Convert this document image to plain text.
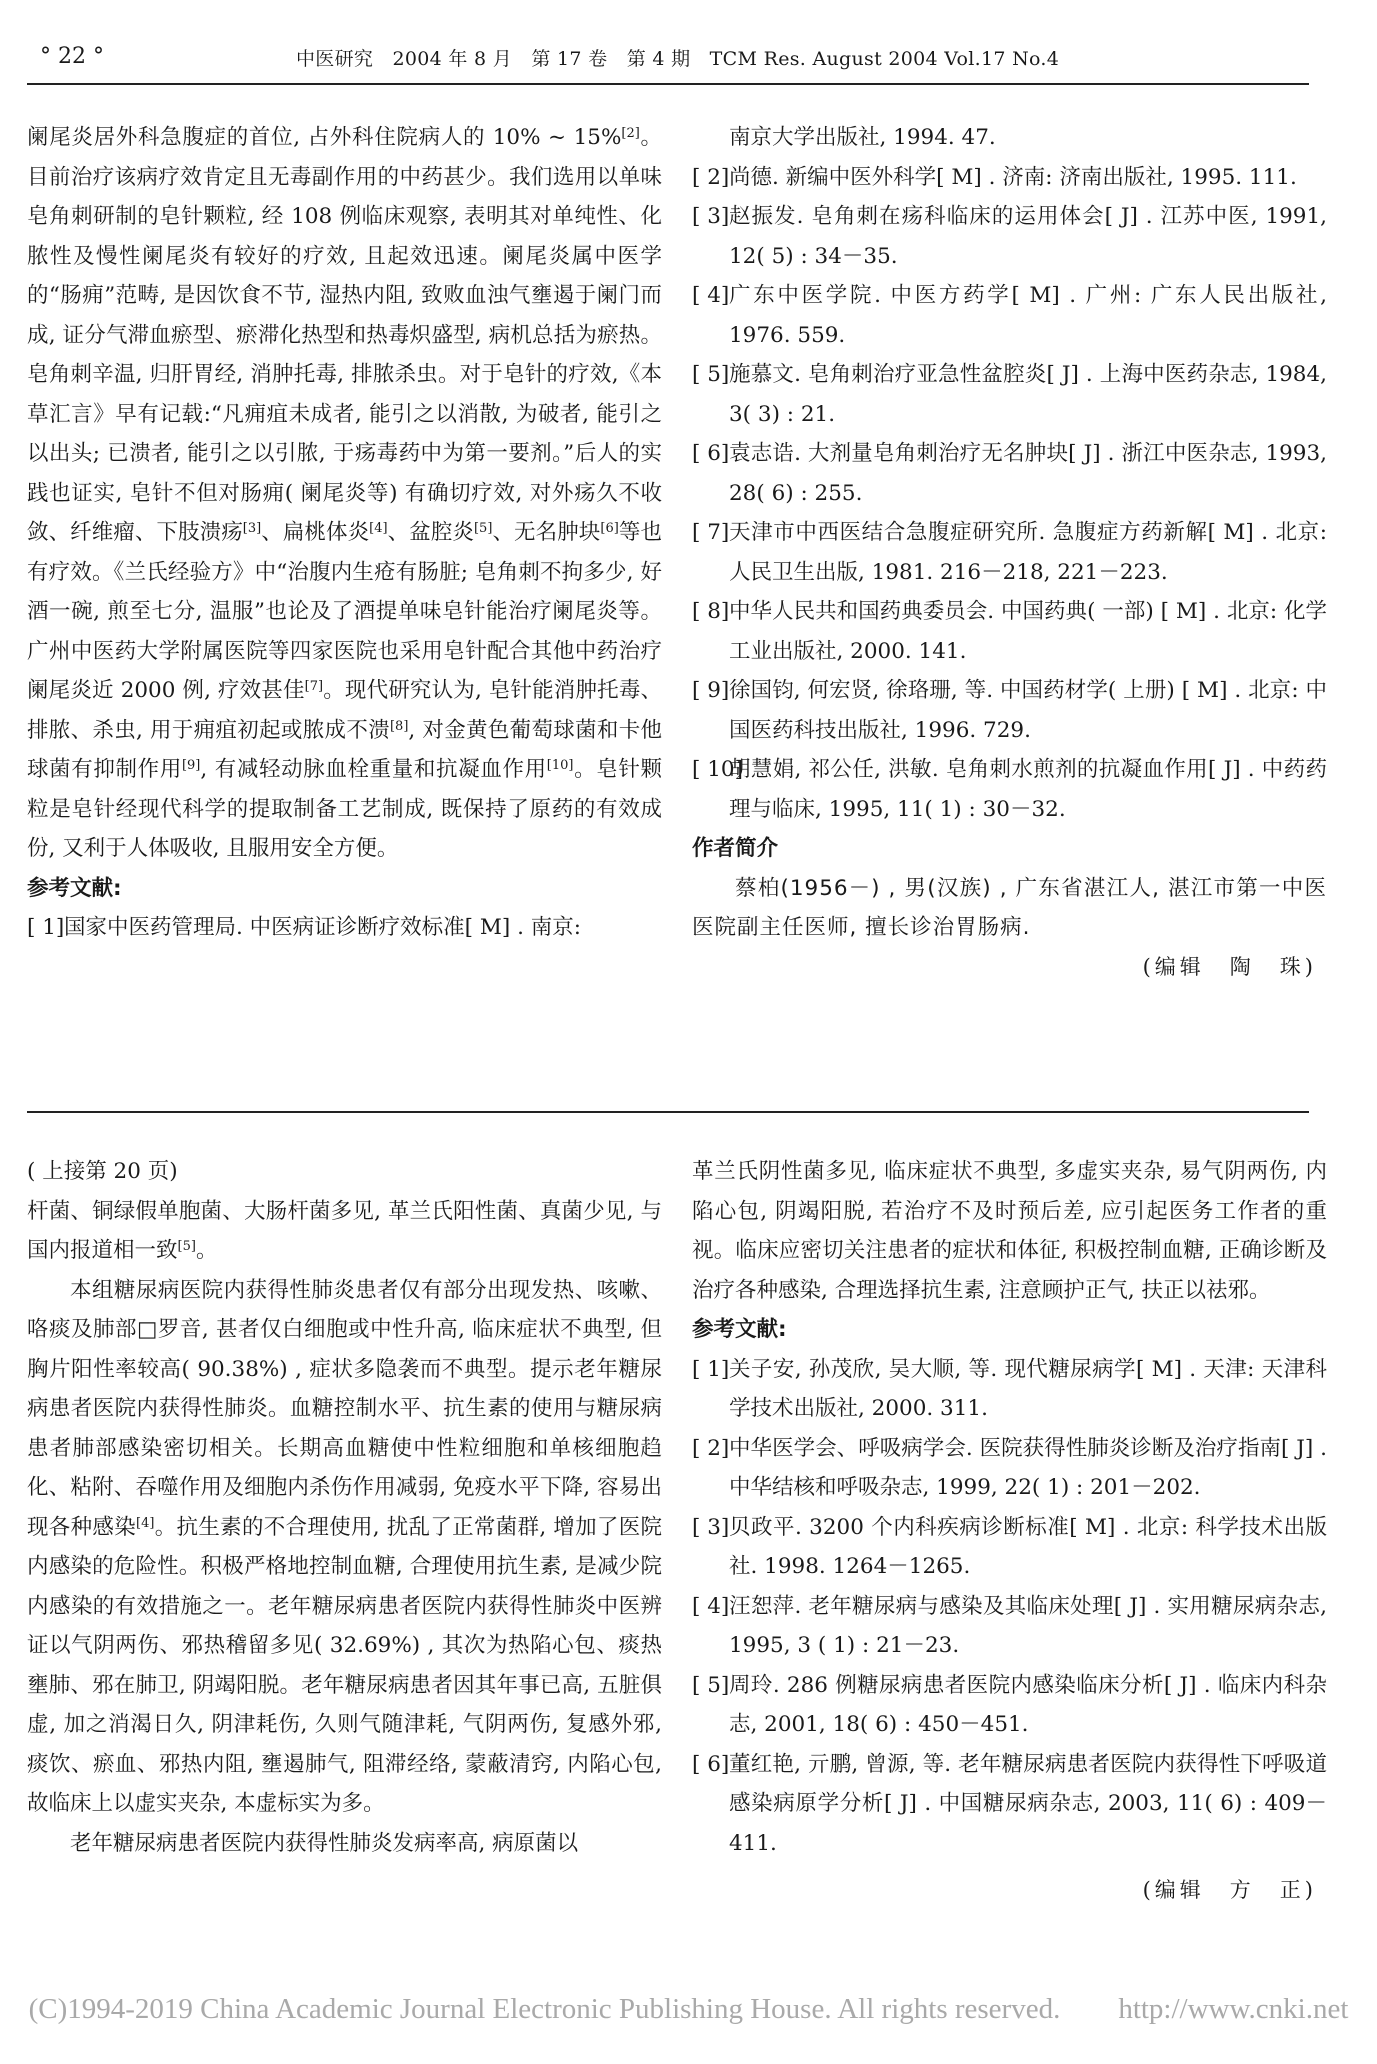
° 22 °	中医研究　2004 年 8 月　第 17 卷　第 4 期　TCM Res. August 2004 Vol.17 No.4

阑尾炎居外科急腹症的首位, 占外科住院病人的 10% ~ 15%[2]。目前治疗该病疗效肯定且无毒副作用的中药甚少。我们选用以单味皂角刺研制的皂针颗粒, 经 108 例临床观察, 表明其对单纯性、化脓性及慢性阑尾炎有较好的疗效, 且起效迅速。阑尾炎属中医学的“肠痈”范畴, 是因饮食不节, 湿热内阻, 致败血浊气壅遏于阑门而成, 证分气滞血瘀型、瘀滞化热型和热毒炽盛型, 病机总括为瘀热。皂角刺辛温, 归肝胃经, 消肿托毒, 排脓杀虫。对于皂针的疗效,《本草汇言》早有记载:“凡痈疽未成者, 能引之以消散, 为破者, 能引之以出头; 已溃者, 能引之以引脓, 于疡毒药中为第一要剂。”后人的实践也证实, 皂针不但对肠痈( 阑尾炎等) 有确切疗效, 对外疡久不收敛、纤维瘤、下肢溃疡[3]、扁桃体炎[4]、盆腔炎[5]、无名肿块[6]等也有疗效。《兰氏经验方》中“治腹内生疮有肠脏; 皂角刺不拘多少, 好酒一碗, 煎至七分, 温服”也论及了酒提单味皂针能治疗阑尾炎等。广州中医药大学附属医院等四家医院也采用皂针配合其他中药治疗阑尾炎近 2000 例, 疗效甚佳[7]。现代研究认为, 皂针能消肿托毒、排脓、杀虫, 用于痈疽初起或脓成不溃[8], 对金黄色葡萄球菌和卡他球菌有抑制作用[9], 有减轻动脉血栓重量和抗凝血作用[10]。皂针颗粒是皂针经现代科学的提取制备工艺制成, 既保持了原药的有效成份, 又利于人体吸收, 且服用安全方便。

参考文献:

[ 1] 国家中医药管理局. 中医病证诊断疗效标准[ M] . 南京:
南京大学出版社, 1994. 47.
[ 2] 尚德. 新编中医外科学[ M] . 济南: 济南出版社, 1995. 111.
[ 3] 赵振发. 皂角刺在疡科临床的运用体会[ J] . 江苏中医, 1991, 12( 5) : 34－35.
[ 4] 广东中医学院. 中医方药学[ M] . 广州: 广东人民出版社, 1976. 559.
[ 5] 施慕文. 皂角刺治疗亚急性盆腔炎[ J] . 上海中医药杂志, 1984, 3( 3) : 21.
[ 6] 袁志诰. 大剂量皂角刺治疗无名肿块[ J] . 浙江中医杂志, 1993, 28( 6) : 255.
[ 7] 天津市中西医结合急腹症研究所. 急腹症方药新解[ M] . 北京: 人民卫生出版, 1981. 216－218, 221－223.
[ 8] 中华人民共和国药典委员会. 中国药典( 一部) [ M] . 北京: 化学工业出版社, 2000. 141.
[ 9] 徐国钧, 何宏贤, 徐珞珊, 等. 中国药材学( 上册) [ M] . 北京: 中国医药科技出版社, 1996. 729.
[ 10]
胡慧娟, 祁公任, 洪敏. 皂角刺水煎剂的抗凝血作用[ J] . 中药药理与临床, 1995, 11( 1) : 30－32.

作者简介

蔡柏(1956－) , 男(汉族) , 广东省湛江人, 湛江市第一中医医院副主任医师, 擅长诊治胃肠病.
(编辑　陶　珠)

( 上接第 20 页)

杆菌、铜绿假单胞菌、大肠杆菌多见, 革兰氏阳性菌、真菌少见, 与国内报道相一致[5]。

本组糖尿病医院内获得性肺炎患者仅有部分出现发热、咳嗽、咯痰及肺部□罗音, 甚者仅白细胞或中性升高, 临床症状不典型, 但胸片阳性率较高( 90.38%) , 症状多隐袭而不典型。提示老年糖尿病患者医院内获得性肺炎。血糖控制水平、抗生素的使用与糖尿病患者肺部感染密切相关。长期高血糖使中性粒细胞和单核细胞趋化、粘附、吞噬作用及细胞内杀伤作用减弱, 免疫水平下降, 容易出现各种感染[4]。抗生素的不合理使用, 扰乱了正常菌群, 增加了医院内感染的危险性。积极严格地控制血糖, 合理使用抗生素, 是减少院内感染的有效措施之一。老年糖尿病患者医院内获得性肺炎中医辨证以气阴两伤、邪热稽留多见( 32.69%) , 其次为热陷心包、痰热壅肺、邪在肺卫, 阴竭阳脱。老年糖尿病患者因其年事已高, 五脏俱虚, 加之消渴日久, 阴津耗伤, 久则气随津耗, 气阴两伤, 复感外邪, 痰饮、瘀血、邪热内阻, 壅遏肺气, 阻滞经络, 蒙蔽清窍, 内陷心包, 故临床上以虚实夹杂, 本虚标实为多。

老年糖尿病患者医院内获得性肺炎发病率高, 病原菌以

革兰氏阴性菌多见, 临床症状不典型, 多虚实夹杂, 易气阴两伤, 内陷心包, 阴竭阳脱, 若治疗不及时预后差, 应引起医务工作者的重视。临床应密切关注患者的症状和体征, 积极控制血糖, 正确诊断及治疗各种感染, 合理选择抗生素, 注意顾护正气, 扶正以祛邪。

参考文献:

[ 1] 关子安, 孙茂欣, 吴大顺, 等. 现代糖尿病学[ M] . 天津: 天津科学技术出版社, 2000. 311.
[ 2] 中华医学会、呼吸病学会. 医院获得性肺炎诊断及治疗指南[ J] . 中华结核和呼吸杂志, 1999, 22( 1) : 201－202.
[ 3] 贝政平. 3200 个内科疾病诊断标准[ M] . 北京: 科学技术出版社. 1998. 1264－1265.
[ 4] 汪恕萍. 老年糖尿病与感染及其临床处理[ J] . 实用糖尿病杂志, 1995, 3 ( 1) : 21－23.
[ 5] 周玲. 286 例糖尿病患者医院内感染临床分析[ J] . 临床内科杂志, 2001, 18( 6) : 450－451.
[ 6] 董红艳, 亓鹏, 曾源, 等. 老年糖尿病患者医院内获得性下呼吸道感染病原学分析[ J] . 中国糖尿病杂志, 2003, 11( 6) : 409－411.
(编辑　方　正)
(C)1994-2019 China Academic Journal Electronic Publishing House. All rights reserved.　　http://www.cnki.net
